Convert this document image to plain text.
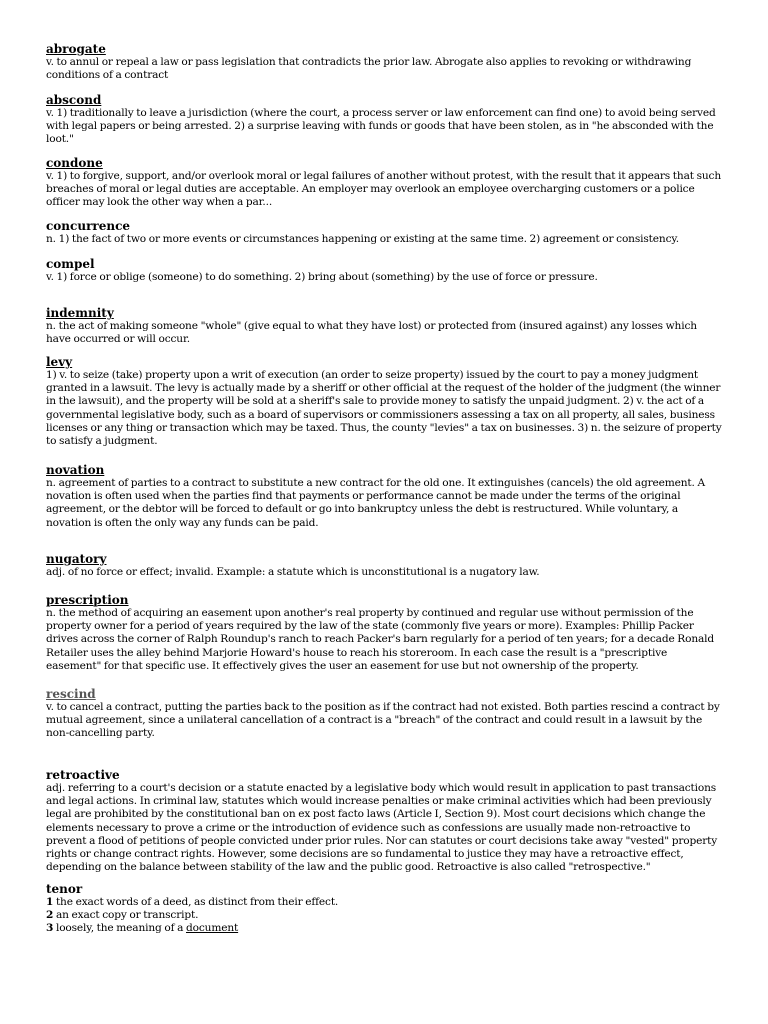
abrogate

v. to annul or repeal a law or pass legislation that contradicts the prior law. Abrogate also applies to revoking or withdrawing conditions of a contract

abscond

v. 1) traditionally to leave a jurisdiction (where the court, a process server or law enforcement can find one) to avoid being served with legal papers or being arrested. 2) a surprise leaving with funds or goods that have been stolen, as in "he absconded with the loot."

condone

v. 1) to forgive, support, and/or overlook moral or legal failures of another without protest, with the result that it appears that such breaches of moral or legal duties are acceptable. An employer may overlook an employee overcharging customers or a police officer may look the other way when a par...

concurrence

n. 1) the fact of two or more events or circumstances happening or existing at the same time. 2) agreement or consistency.

compel

v. 1) force or oblige (someone) to do something. 2) bring about (something) by the use of force or pressure.

indemnity

n. the act of making someone "whole" (give equal to what they have lost) or protected from (insured against) any losses which have occurred or will occur.

levy

1) v. to seize (take) property upon a writ of execution (an order to seize property) issued by the court to pay a money judgment granted in a lawsuit. The levy is actually made by a sheriff or other official at the request of the holder of the judgment (the winner in the lawsuit), and the property will be sold at a sheriff's sale to provide money to satisfy the unpaid judgment. 2) v. the act of a governmental legislative body, such as a board of supervisors or commissioners assessing a tax on all property, all sales, business licenses or any thing or transaction which may be taxed. Thus, the county "levies" a tax on businesses. 3) n. the seizure of property to satisfy a judgment.

novation

n. agreement of parties to a contract to substitute a new contract for the old one. It extinguishes (cancels) the old agreement. A novation is often used when the parties find that payments or performance cannot be made under the terms of the original agreement, or the debtor will be forced to default or go into bankruptcy unless the debt is restructured. While voluntary, a novation is often the only way any funds can be paid.

nugatory

adj. of no force or effect; invalid. Example: a statute which is unconstitutional is a nugatory law.

prescription

n. the method of acquiring an easement upon another's real property by continued and regular use without permission of the property owner for a period of years required by the law of the state (commonly five years or more). Examples: Phillip Packer drives across the corner of Ralph Roundup's ranch to reach Packer's barn regularly for a period of ten years; for a decade Ronald Retailer uses the alley behind Marjorie Howard's house to reach his storeroom. In each case the result is a "prescriptive easement" for that specific use. It effectively gives the user an easement for use but not ownership of the property.

rescind

v. to cancel a contract, putting the parties back to the position as if the contract had not existed. Both parties rescind a contract by mutual agreement, since a unilateral cancellation of a contract is a "breach" of the contract and could result in a lawsuit by the non-cancelling party.

retroactive

adj. referring to a court's decision or a statute enacted by a legislative body which would result in application to past transactions and legal actions. In criminal law, statutes which would increase penalties or make criminal activities which had been previously legal are prohibited by the constitutional ban on ex post facto laws (Article I, Section 9). Most court decisions which change the elements necessary to prove a crime or the introduction of evidence such as confessions are usually made non-retroactive to prevent a flood of petitions of people convicted under prior rules. Nor can statutes or court decisions take away "vested" property rights or change contract rights. However, some decisions are so fundamental to justice they may have a retroactive effect, depending on the balance between stability of the law and the public good. Retroactive is also called "retrospective."

tenor

1 the exact words of a deed, as distinct from their effect.

2 an exact copy or transcript.

3 loosely, the meaning of a document
